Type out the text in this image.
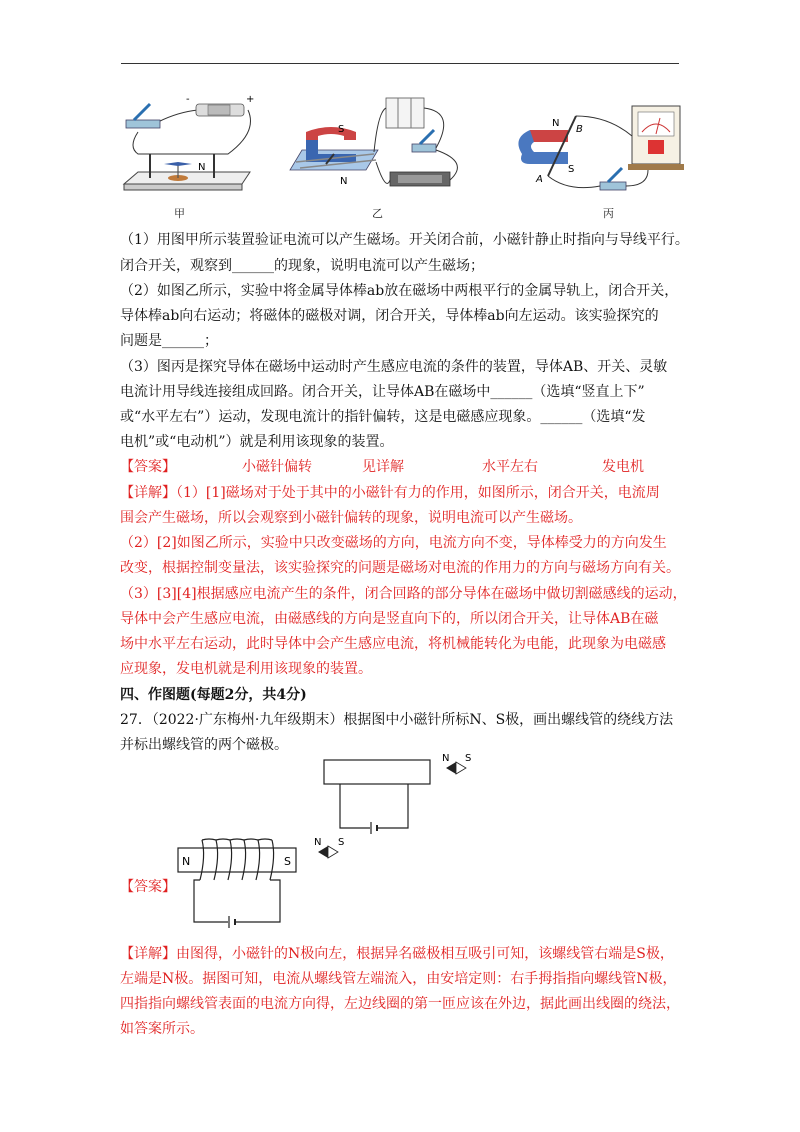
N
-	+
甲
S
N
乙
N
B
S
A
丙
（1）用图甲所示装置验证电流可以产生磁场。开关闭合前，小磁针静止时指向与导线平行。
闭合开关，观察到______的现象，说明电流可以产生磁场；
（2）如图乙所示，实验中将金属导体棒ab放在磁场中两根平行的金属导轨上，闭合开关，
导体棒ab向右运动；将磁体的磁极对调，闭合开关，导体棒ab向左运动。该实验探究的
问题是______；
（3）图丙是探究导体在磁场中运动时产生感应电流的条件的装置，导体AB、开关、灵敏
电流计用导线连接组成回路。闭合开关，让导体AB在磁场中______（选填“竖直上下”
或“水平左右”）运动，发现电流计的指针偏转，这是电磁感应现象。______（选填“发
电机”或“电动机”）就是利用该现象的装置。
【答案】	小磁针偏转	见详解	水平左右	发电机
【详解】（1）[1]磁场对于处于其中的小磁针有力的作用，如图所示，闭合开关，电流周
围会产生磁场，所以会观察到小磁针偏转的现象，说明电流可以产生磁场。
（2）[2]如图乙所示，实验中只改变磁场的方向，电流方向不变，导体棒受力的方向发生
改变，根据控制变量法，该实验探究的问题是磁场对电流的作用力的方向与磁场方向有关。
（3）[3][4]根据感应电流产生的条件，闭合回路的部分导体在磁场中做切割磁感线的运动，
导体中会产生感应电流，由磁感线的方向是竖直向下的，所以闭合开关，让导体AB在磁
场中水平左右运动，此时导体中会产生感应电流，将机械能转化为电能，此现象为电磁感
应现象，发电机就是利用该现象的装置。
四、作图题(每题2分，共4分)
27．（2022·广东梅州·九年级期末）根据图中小磁针所标N、S极，画出螺线管的绕线方法
并标出螺线管的两个磁极。
N S
【答案】
N	S
N S
【详解】由图得，小磁针的N极向左，根据异名磁极相互吸引可知，该螺线管右端是S极，
左端是N极。据图可知，电流从螺线管左端流入，由安培定则：右手拇指指向螺线管N极，
四指指向螺线管表面的电流方向得，左边线圈的第一匝应该在外边，据此画出线圈的绕法，
如答案所示。
